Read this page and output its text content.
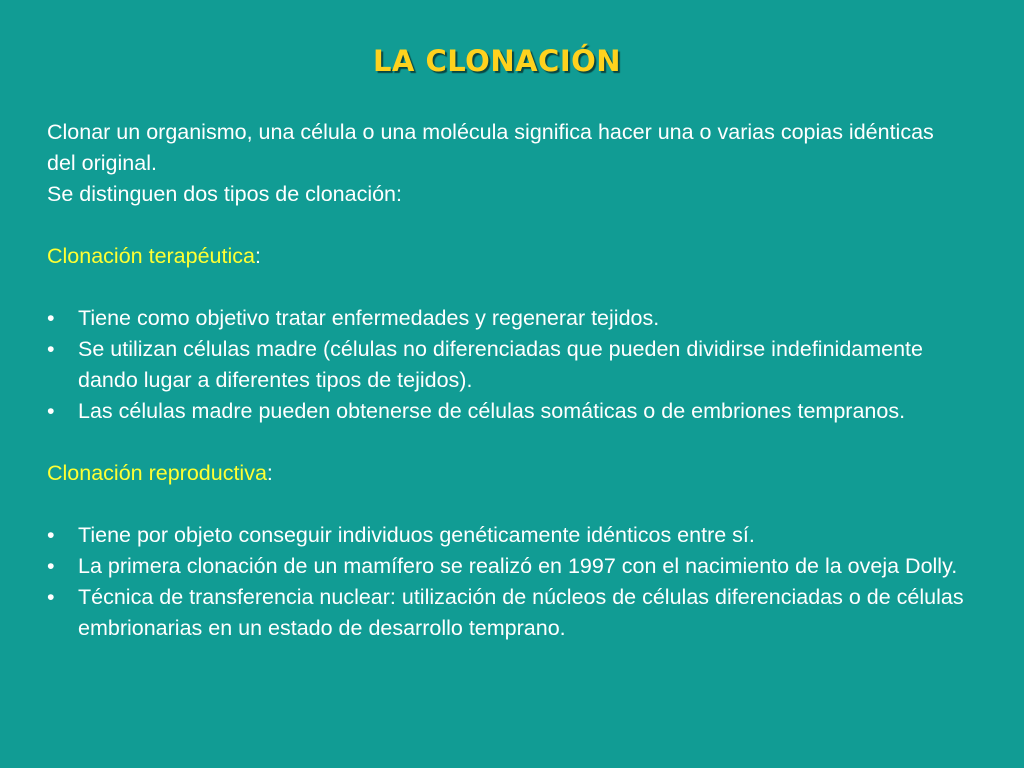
LA CLONACIÓN

Clonar un organismo, una célula o una molécula significa hacer una o varias copias idénticas del original.

Se distinguen dos tipos de clonación:

Clonación terapéutica:

• Tiene como objetivo tratar enfermedades y regenerar tejidos.
• Se utilizan células madre (células no diferenciadas que pueden dividirse indefinidamente dando lugar a diferentes tipos de tejidos).
• Las células madre pueden obtenerse de células somáticas o de embriones tempranos.

Clonación reproductiva:

• Tiene por objeto conseguir individuos genéticamente idénticos entre sí.
• La primera clonación de un mamífero se realizó en 1997 con el nacimiento de la oveja Dolly.
• Técnica de transferencia nuclear: utilización de núcleos de células diferenciadas o de células embrionarias en un estado de desarrollo temprano.
